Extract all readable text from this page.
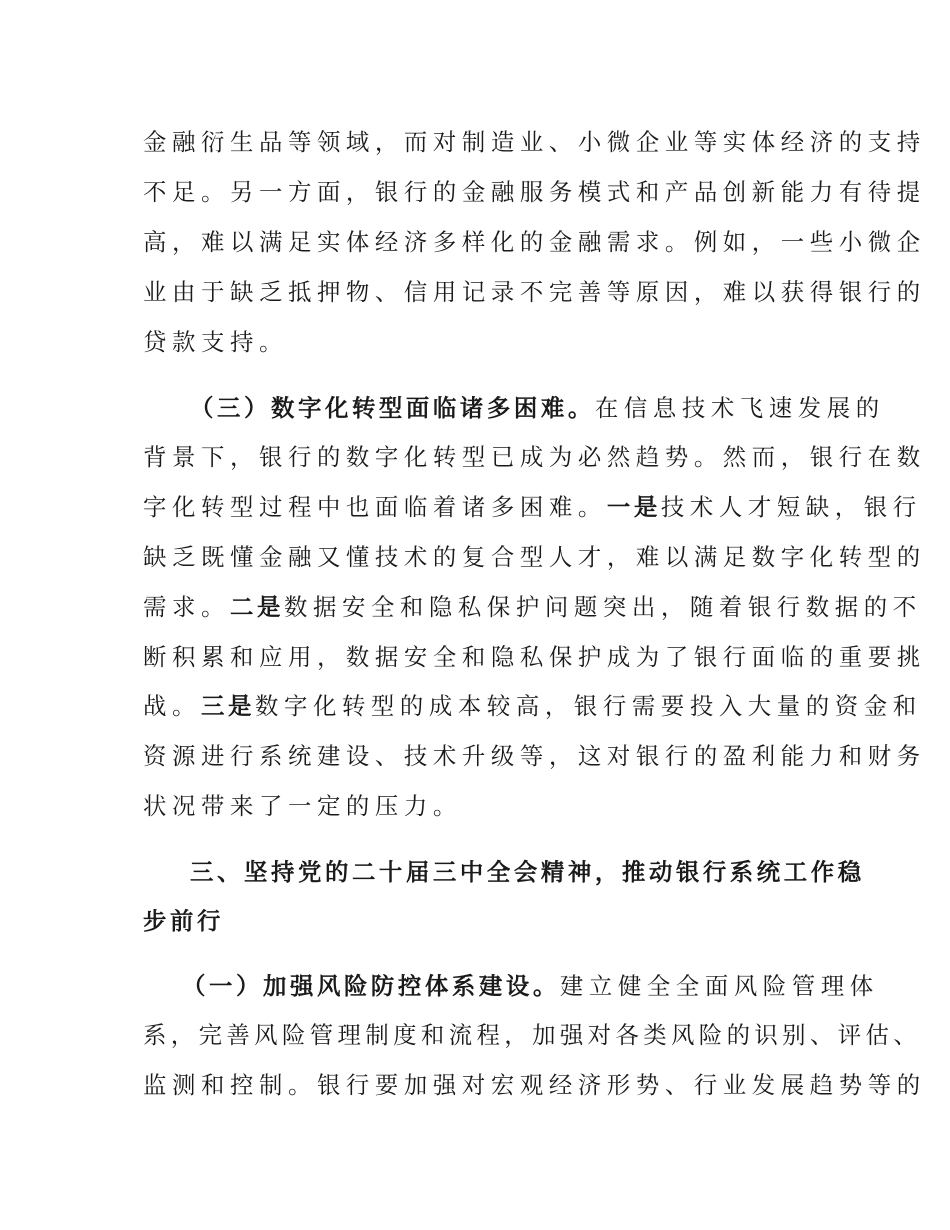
金融衍生品等领域，而对制造业、小微企业等实体经济的支持

不足。另一方面，银行的金融服务模式和产品创新能力有待提

高，难以满足实体经济多样化的金融需求。例如，一些小微企

业由于缺乏抵押物、信用记录不完善等原因，难以获得银行的

贷款支持。

（三）数字化转型面临诸多困难。在信息技术飞速发展的

背景下，银行的数字化转型已成为必然趋势。然而，银行在数

字化转型过程中也面临着诸多困难。一是技术人才短缺，银行

缺乏既懂金融又懂技术的复合型人才，难以满足数字化转型的

需求。二是数据安全和隐私保护问题突出，随着银行数据的不

断积累和应用，数据安全和隐私保护成为了银行面临的重要挑

战。三是数字化转型的成本较高，银行需要投入大量的资金和

资源进行系统建设、技术升级等，这对银行的盈利能力和财务

状况带来了一定的压力。

三、坚持党的二十届三中全会精神，推动银行系统工作稳

步前行

（一）加强风险防控体系建设。建立健全全面风险管理体

系，完善风险管理制度和流程，加强对各类风险的识别、评估、

监测和控制。银行要加强对宏观经济形势、行业发展趋势等的
